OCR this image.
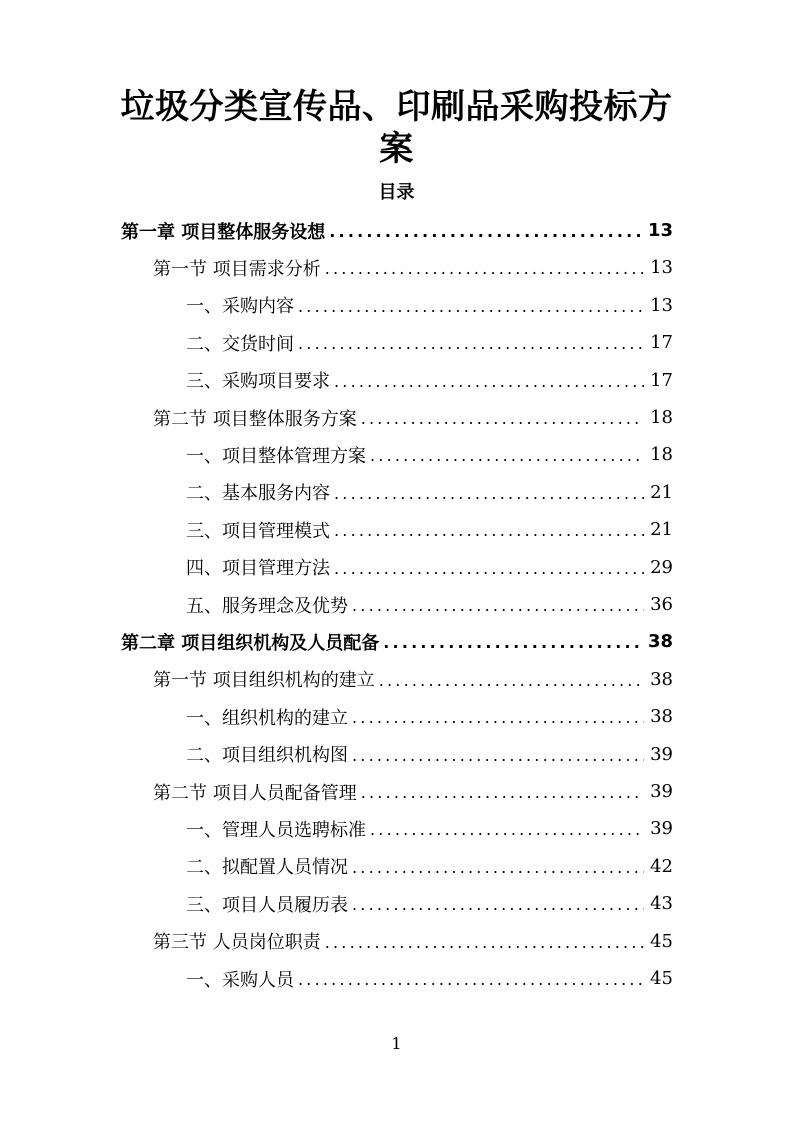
垃圾分类宣传品、印刷品采购投标方案
目录
第一章 项目整体服务设想 .....	13
第一节 项目需求分析 .....	13
一、采购内容 .....	13
二、交货时间 .....	17
三、采购项目要求 .....	17
第二节 项目整体服务方案 .....	18
一、项目整体管理方案 .....	18
二、基本服务内容 .....	21
三、项目管理模式 .....	21
四、项目管理方法 .....	29
五、服务理念及优势 .....	36
第二章 项目组织机构及人员配备 .....	38
第一节 项目组织机构的建立 .....	38
一、组织机构的建立 .....	38
二、项目组织机构图 .....	39
第二节 项目人员配备管理 .....	39
一、管理人员选聘标准 .....	39
二、拟配置人员情况 .....	42
三、项目人员履历表 .....	43
第三节 人员岗位职责 .....	45
一、采购人员 .....	45
1
